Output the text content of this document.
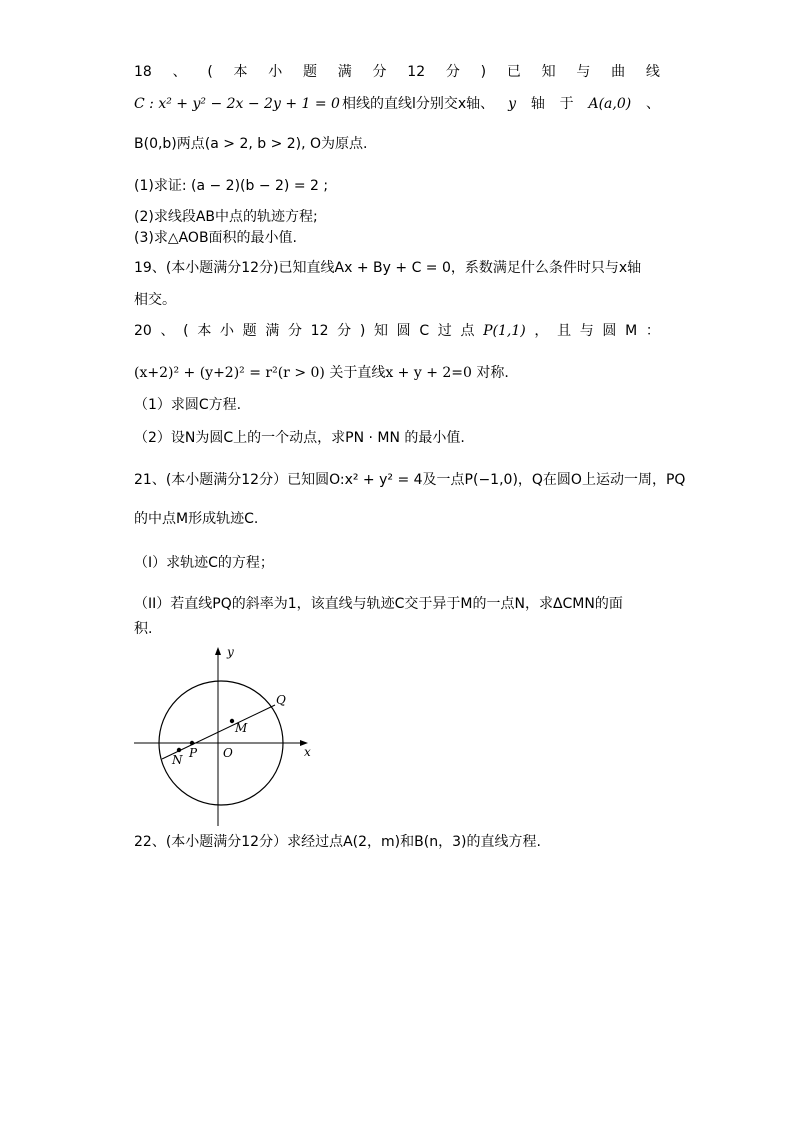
18 、 ( 本 小 题 满 分 12 分 ) 已 知 与 曲 线
C : x² + y² − 2x − 2y + 1 = 0 相线的直线l分别交x轴、 y 轴 于 A(a,0) 、
B(0,b)两点(a > 2, b > 2), O为原点.
(1)求证: (a − 2)(b − 2) = 2 ;
(2)求线段AB中点的轨迹方程;
(3)求△AOB面积的最小值.
19、(本小题满分12分)已知直线Ax + By + C = 0，系数满足什么条件时只与x轴
相交。
20 、 ( 本 小 题 满 分 12 分 ) 知 圆 C 过 点 P(1,1) ， 且 与 圆 M ：
(x+2)² + (y+2)² = r²(r > 0) 关于直线x + y + 2=0 对称.
（1）求圆C方程.
（2）设N为圆C上的一个动点，求PN · MN 的最小值.
21、(本小题满分12分）已知圆O:x² + y² = 4及一点P(−1,0)，Q在圆O上运动一周，PQ
的中点M形成轨迹C.
（I）求轨迹C的方程；
（II）若直线PQ的斜率为1，该直线与轨迹C交于异于M的一点N，求ΔCMN的面
积.
y
x
Q
M
O
P
N
22、(本小题满分12分）求经过点A(2，m)和B(n，3)的直线方程.
